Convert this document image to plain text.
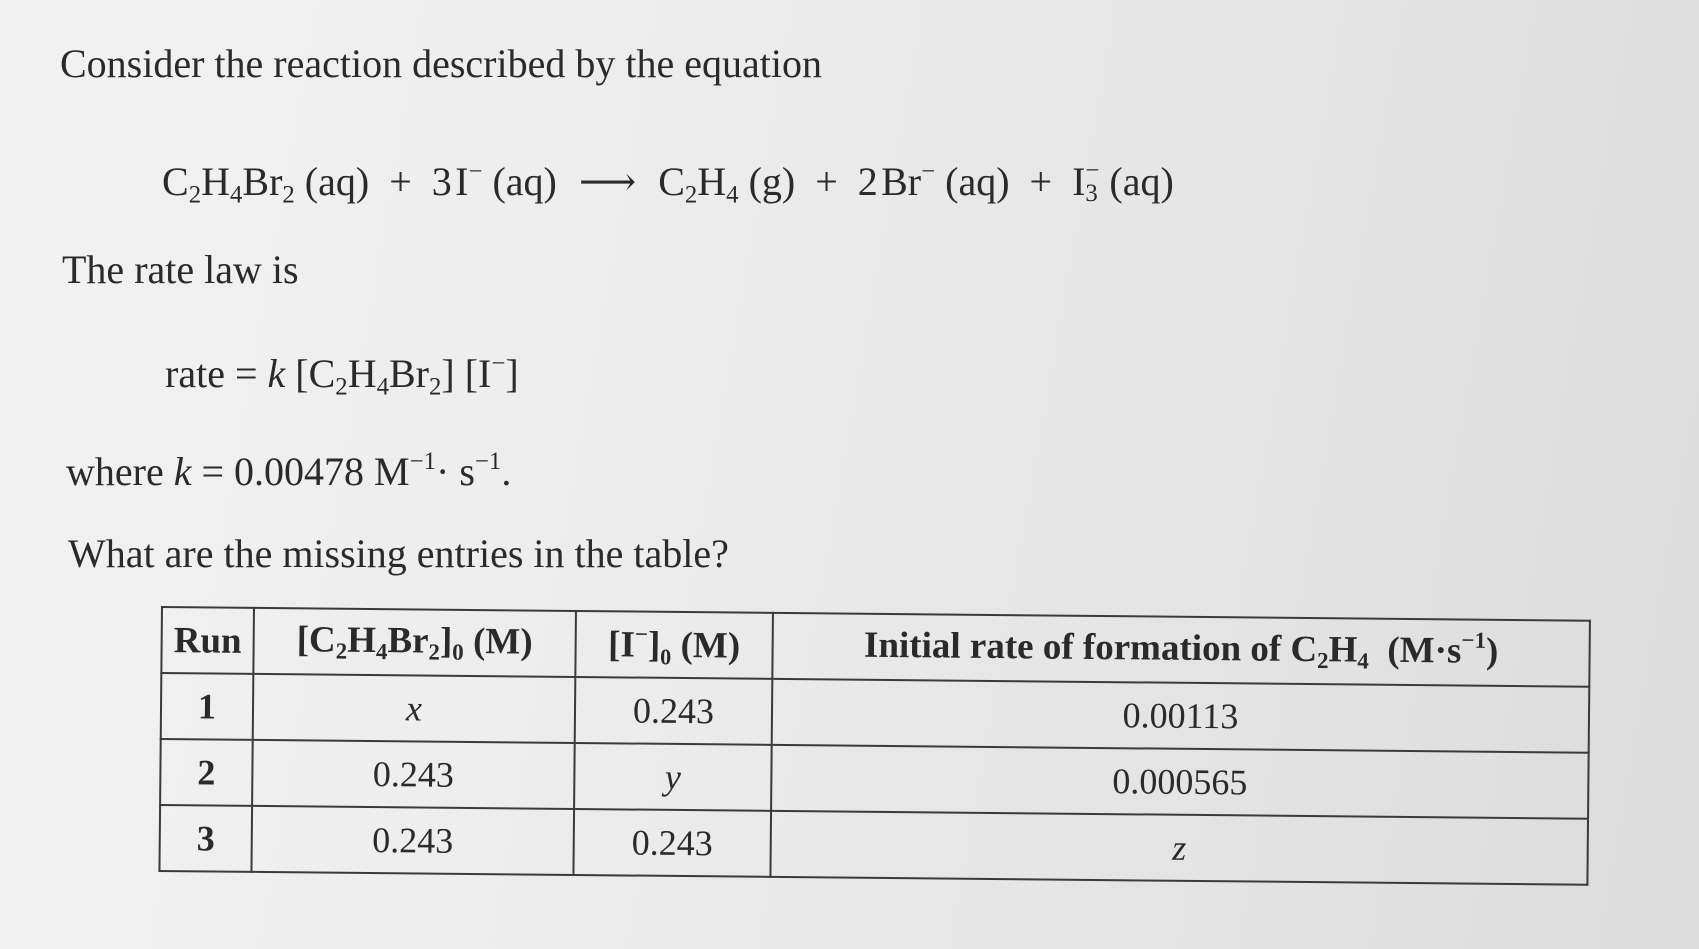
Consider the reaction described by the equation
$C_2H_4Br_2$ (aq) + 3 I− (aq) ⟶ $C_2H_4$ (g) + 2 Br− (aq) + I −
3 (aq)
The rate law is
rate = k $[C_2H_4Br_2]$ [I−]
where k = 0.00478 $M^{-1}\cdot s^{-1}$.
What are the missing entries in the table?
Run	$[C_2H_4Br_2]_0$ (M)	[I−]₀ (M)	Initial rate of formation of $C_2H_4$ $(M\cdot s^{-1})$
1	x	0.243	0.00113
2	0.243	y	0.000565
3	0.243	0.243	z
